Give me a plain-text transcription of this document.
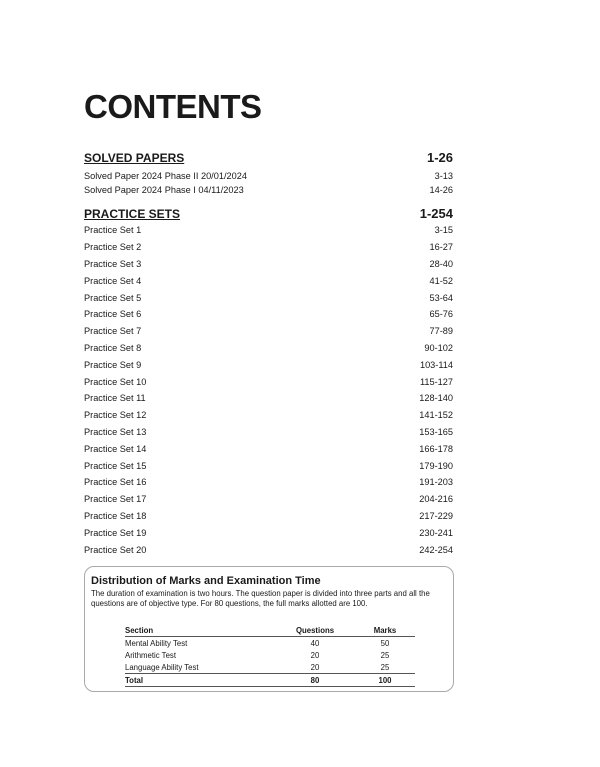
CONTENTS
SOLVED PAPERS	1-26
Solved Paper 2024 Phase II 20/01/2024	3-13
Solved Paper 2024 Phase I 04/11/2023	14-26
PRACTICE SETS	1-254
Practice Set 1	3-15
Practice Set 2	16-27
Practice Set 3	28-40
Practice Set 4	41-52
Practice Set 5	53-64
Practice Set 6	65-76
Practice Set 7	77-89
Practice Set 8	90-102
Practice Set 9	103-114
Practice Set 10	115-127
Practice Set 11	128-140
Practice Set 12	141-152
Practice Set 13	153-165
Practice Set 14	166-178
Practice Set 15	179-190
Practice Set 16	191-203
Practice Set 17	204-216
Practice Set 18	217-229
Practice Set 19	230-241
Practice Set 20	242-254

Distribution of Marks and Examination Time

The duration of examination is two hours. The question paper is divided into three parts and all the questions are of objective type. For 80 questions, the full marks allotted are 100.

Section	Questions	Marks
Mental Ability Test	40	50
Arithmetic Test	20	25
Language Ability Test	20	25
Total	80	100
